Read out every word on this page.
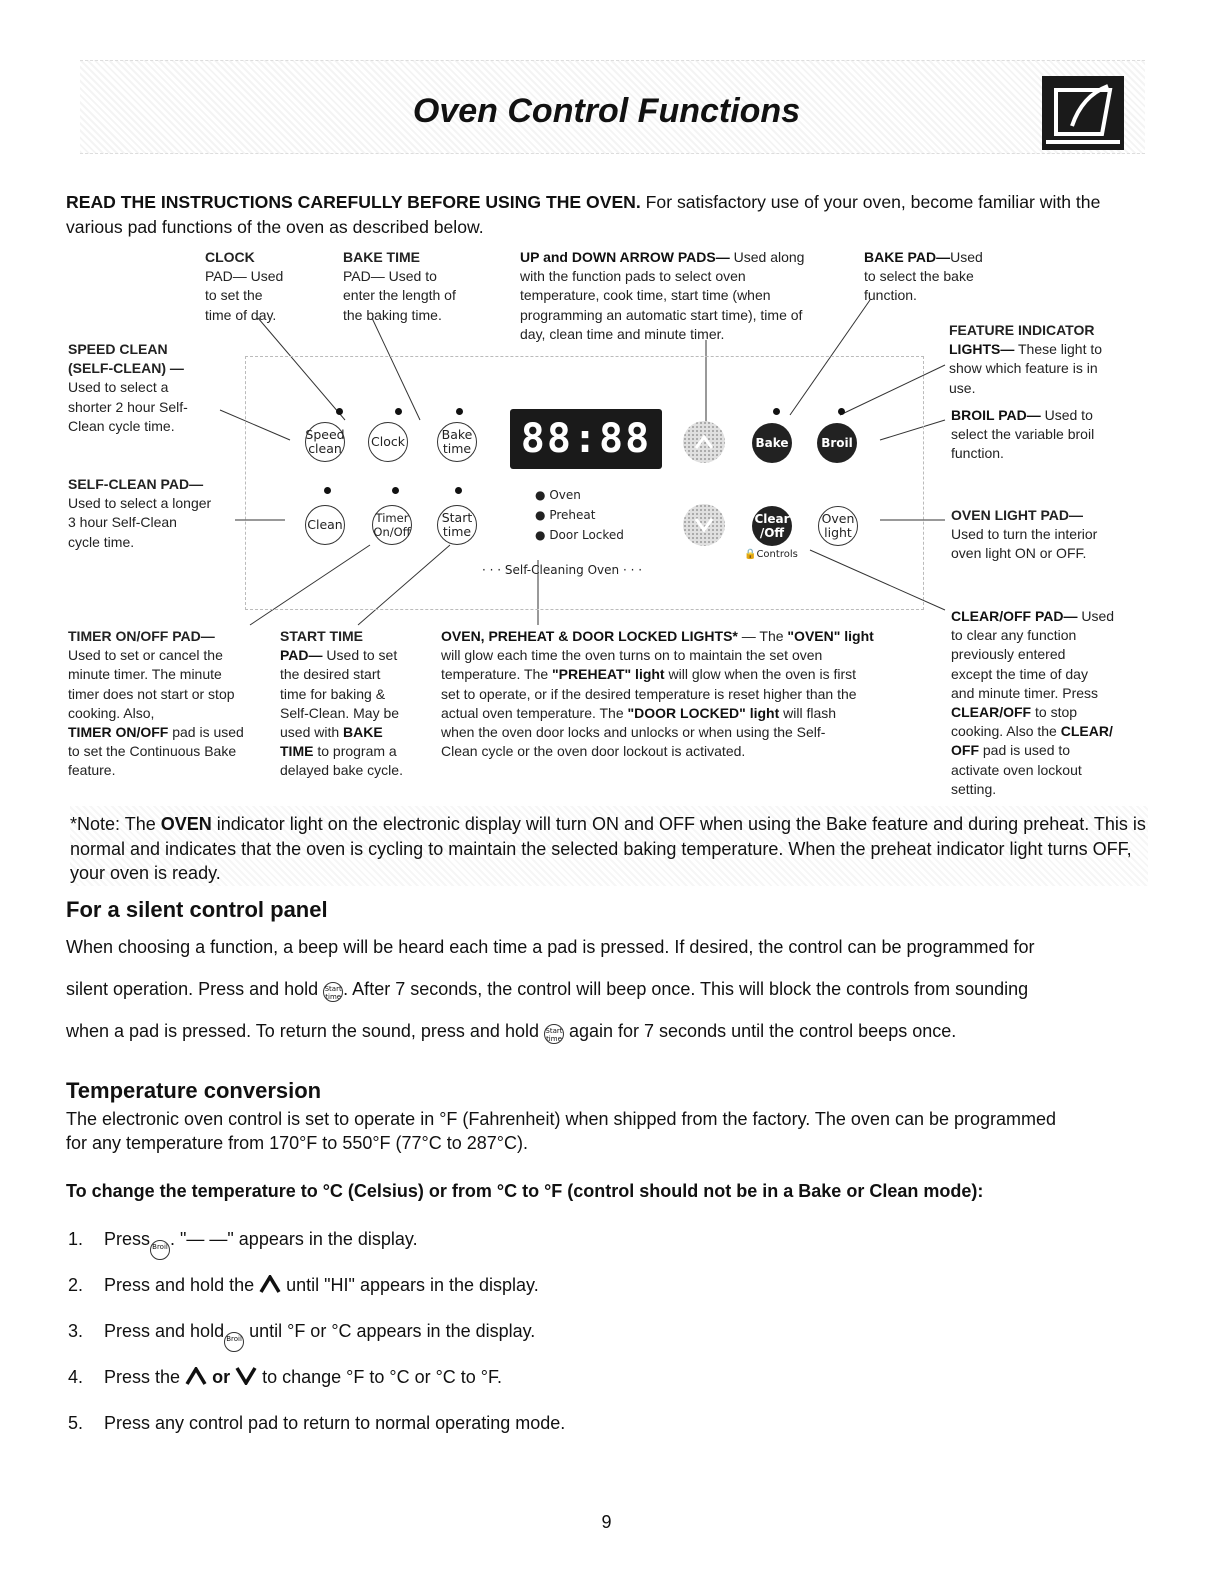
Oven Control Functions
READ THE INSTRUCTIONS CAREFULLY BEFORE USING THE OVEN. For satisfactory use of your oven, become familiar with the various pad functions of the oven as described below.
CLOCK
PAD— Used
to set the
time of day.
BAKE TIME
PAD— Used to
enter the length of
the baking time.
UP and DOWN ARROW PADS— Used along
with the function pads to select oven
temperature, cook time, start time (when
programming an automatic start time), time of
day, clean time and minute timer.
BAKE PAD—Used
to select the bake
function.
FEATURE INDICATOR
LIGHTS— These light to
show which feature is in
use.
SPEED CLEAN
(SELF-CLEAN) —
Used to select a
shorter 2 hour Self-
Clean cycle time.
SELF-CLEAN PAD—
Used to select a longer
3 hour Self-Clean
cycle time.
BROIL PAD— Used to
select the variable broil
function.
OVEN LIGHT PAD—
Used to turn the interior
oven light ON or OFF.
CLEAR/OFF PAD— Used
to clear any function
previously entered
except the time of day
and minute timer. Press
CLEAR/OFF to stop
cooking. Also the CLEAR/
OFF pad is used to
activate oven lockout
setting.
TIMER ON/OFF PAD—
Used to set or cancel the
minute timer. The minute
timer does not start or stop
cooking. Also,
TIMER ON/OFF pad is used
to set the Continuous Bake
feature.
START TIME
PAD— Used to set
the desired start
time for baking &
Self-Clean. May be
used with BAKE
TIME to program a
delayed bake cycle.
OVEN, PREHEAT & DOOR LOCKED LIGHTS* — The "OVEN" light
will glow each time the oven turns on to maintain the set oven
temperature. The "PREHEAT" light will glow when the oven is first
set to operate, or if the desired temperature is reset higher than the
actual oven temperature. The "DOOR LOCKED" light will flash
when the oven door locks and unlocks or when using the Self-
Clean cycle or the oven door lockout is activated.
Speed
clean Clock	Bake
time
Clean	Timer
On/Off
Start
time
88:88
● Oven
● Preheat
● Door Locked
· · · Self-Cleaning Oven · · ·
Bake	Broil
Clear
/Off
Oven
light
🔒Controls
*Note: The OVEN indicator light on the electronic display will turn ON and OFF when using the Bake feature and during preheat. This is normal and indicates that the oven is cycling to maintain the selected baking temperature. When the preheat indicator light turns OFF, your oven is ready.
For a silent control panel
When choosing a function, a beep will be heard each time a pad is pressed. If desired, the control can be programmed for
silent operation. Press and hold Start
time . After 7 seconds, the control will beep once. This will block the controls from sounding
when a pad is pressed. To return the sound, press and hold Start
time again for 7 seconds until the control beeps once.
Temperature conversion
The electronic oven control is set to operate in °F (Fahrenheit) when shipped from the factory. The oven can be programmed
for any temperature from 170°F to 550°F (77°C to 287°C).
To change the temperature to °C (Celsius) or from °C to °F (control should not be in a Bake or Clean mode):
1. Press Broil . "— —" appears in the display.
2. Press and hold the until "HI" appears in the display.
3. Press and hold Broil until °F or °C appears in the display.
4. Press the or to change °F to °C or °C to °F.
5. Press any control pad to return to normal operating mode.
9
